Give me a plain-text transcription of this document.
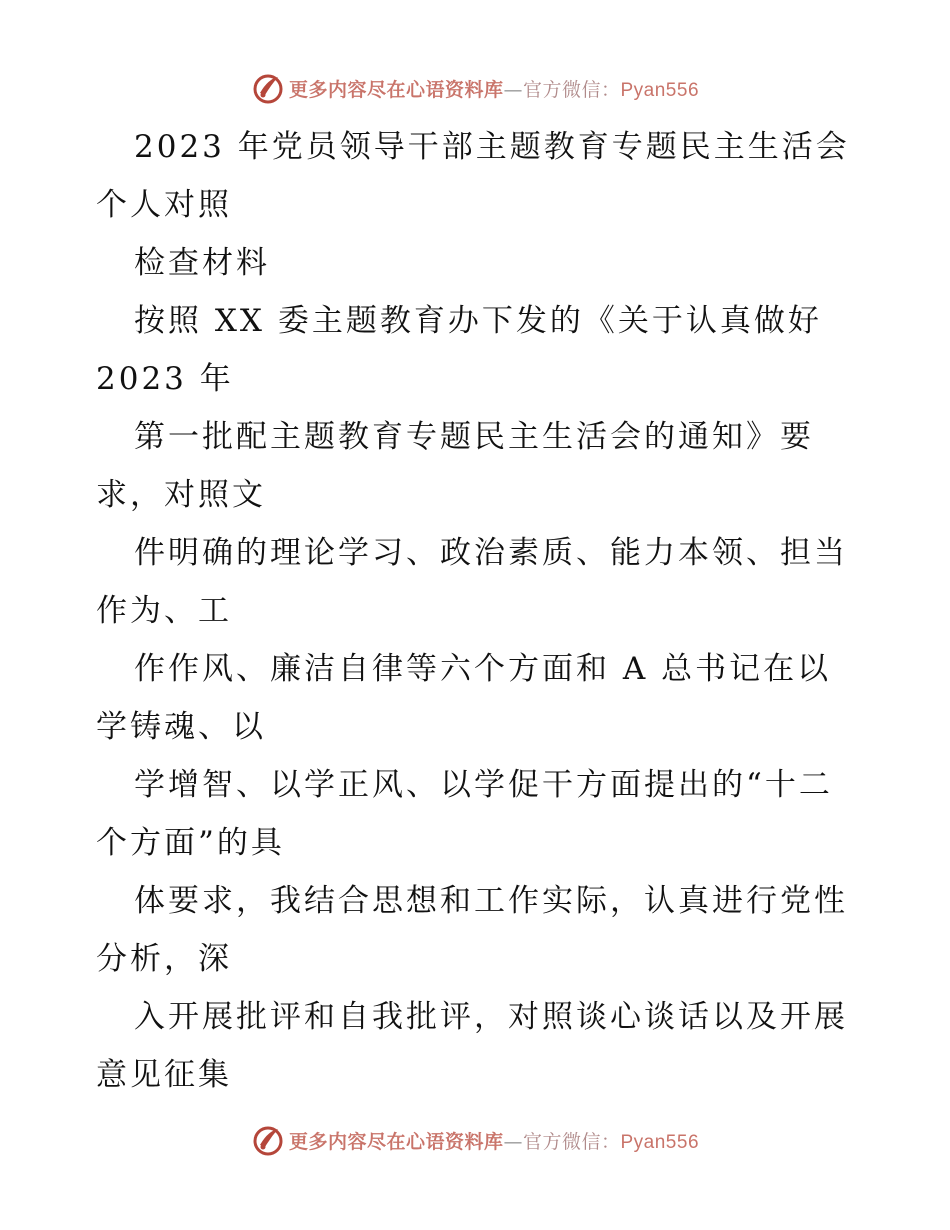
更多内容尽在心语资料库—官方微信：Pyan556
2023 年党员领导干部主题教育专题民主生活会
个人对照
检查材料
按照 XX 委主题教育办下发的《关于认真做好
2023 年
第一批配主题教育专题民主生活会的通知》要
求，对照文
件明确的理论学习、政治素质、能力本领、担当
作为、工
作作风、廉洁自律等六个方面和 A 总书记在以
学铸魂、以
学增智、以学正风、以学促干方面提出的“十二
个方面”的具
体要求，我结合思想和工作实际，认真进行党性
分析，深
入开展批评和自我批评，对照谈心谈话以及开展
意见征集
更多内容尽在心语资料库—官方微信：Pyan556
